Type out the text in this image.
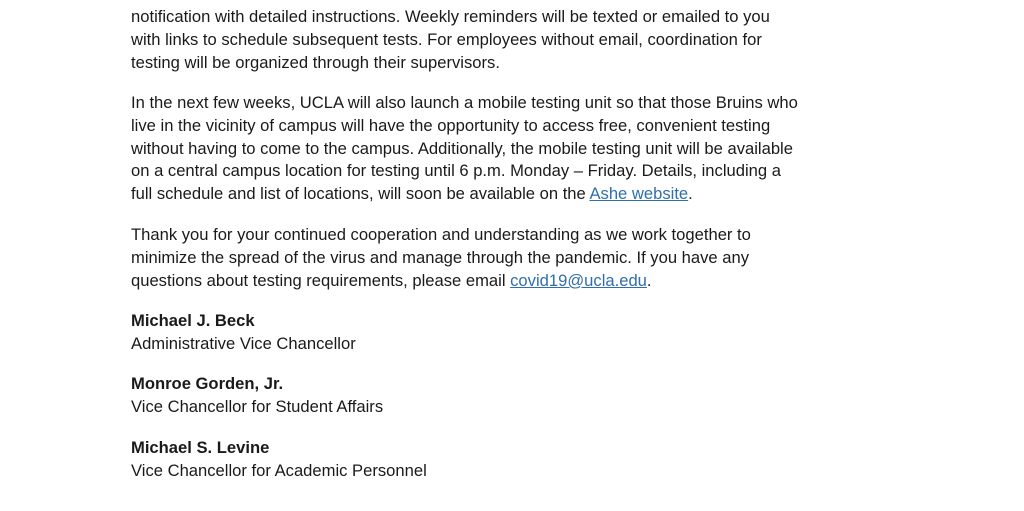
notification with detailed instructions. Weekly reminders will be texted or emailed to you
with links to schedule subsequent tests. For employees without email, coordination for
testing will be organized through their supervisors.

In the next few weeks, UCLA will also launch a mobile testing unit so that those Bruins who
live in the vicinity of campus will have the opportunity to access free, convenient testing
without having to come to the campus. Additionally, the mobile testing unit will be available
on a central campus location for testing until 6 p.m. Monday – Friday. Details, including a
full schedule and list of locations, will soon be available on the Ashe website.

Thank you for your continued cooperation and understanding as we work together to
minimize the spread of the virus and manage through the pandemic. If you have any
questions about testing requirements, please email covid19@ucla.edu.

Michael J. Beck
Administrative Vice Chancellor
Monroe Gorden, Jr.
Vice Chancellor for Student Affairs
Michael S. Levine
Vice Chancellor for Academic Personnel
